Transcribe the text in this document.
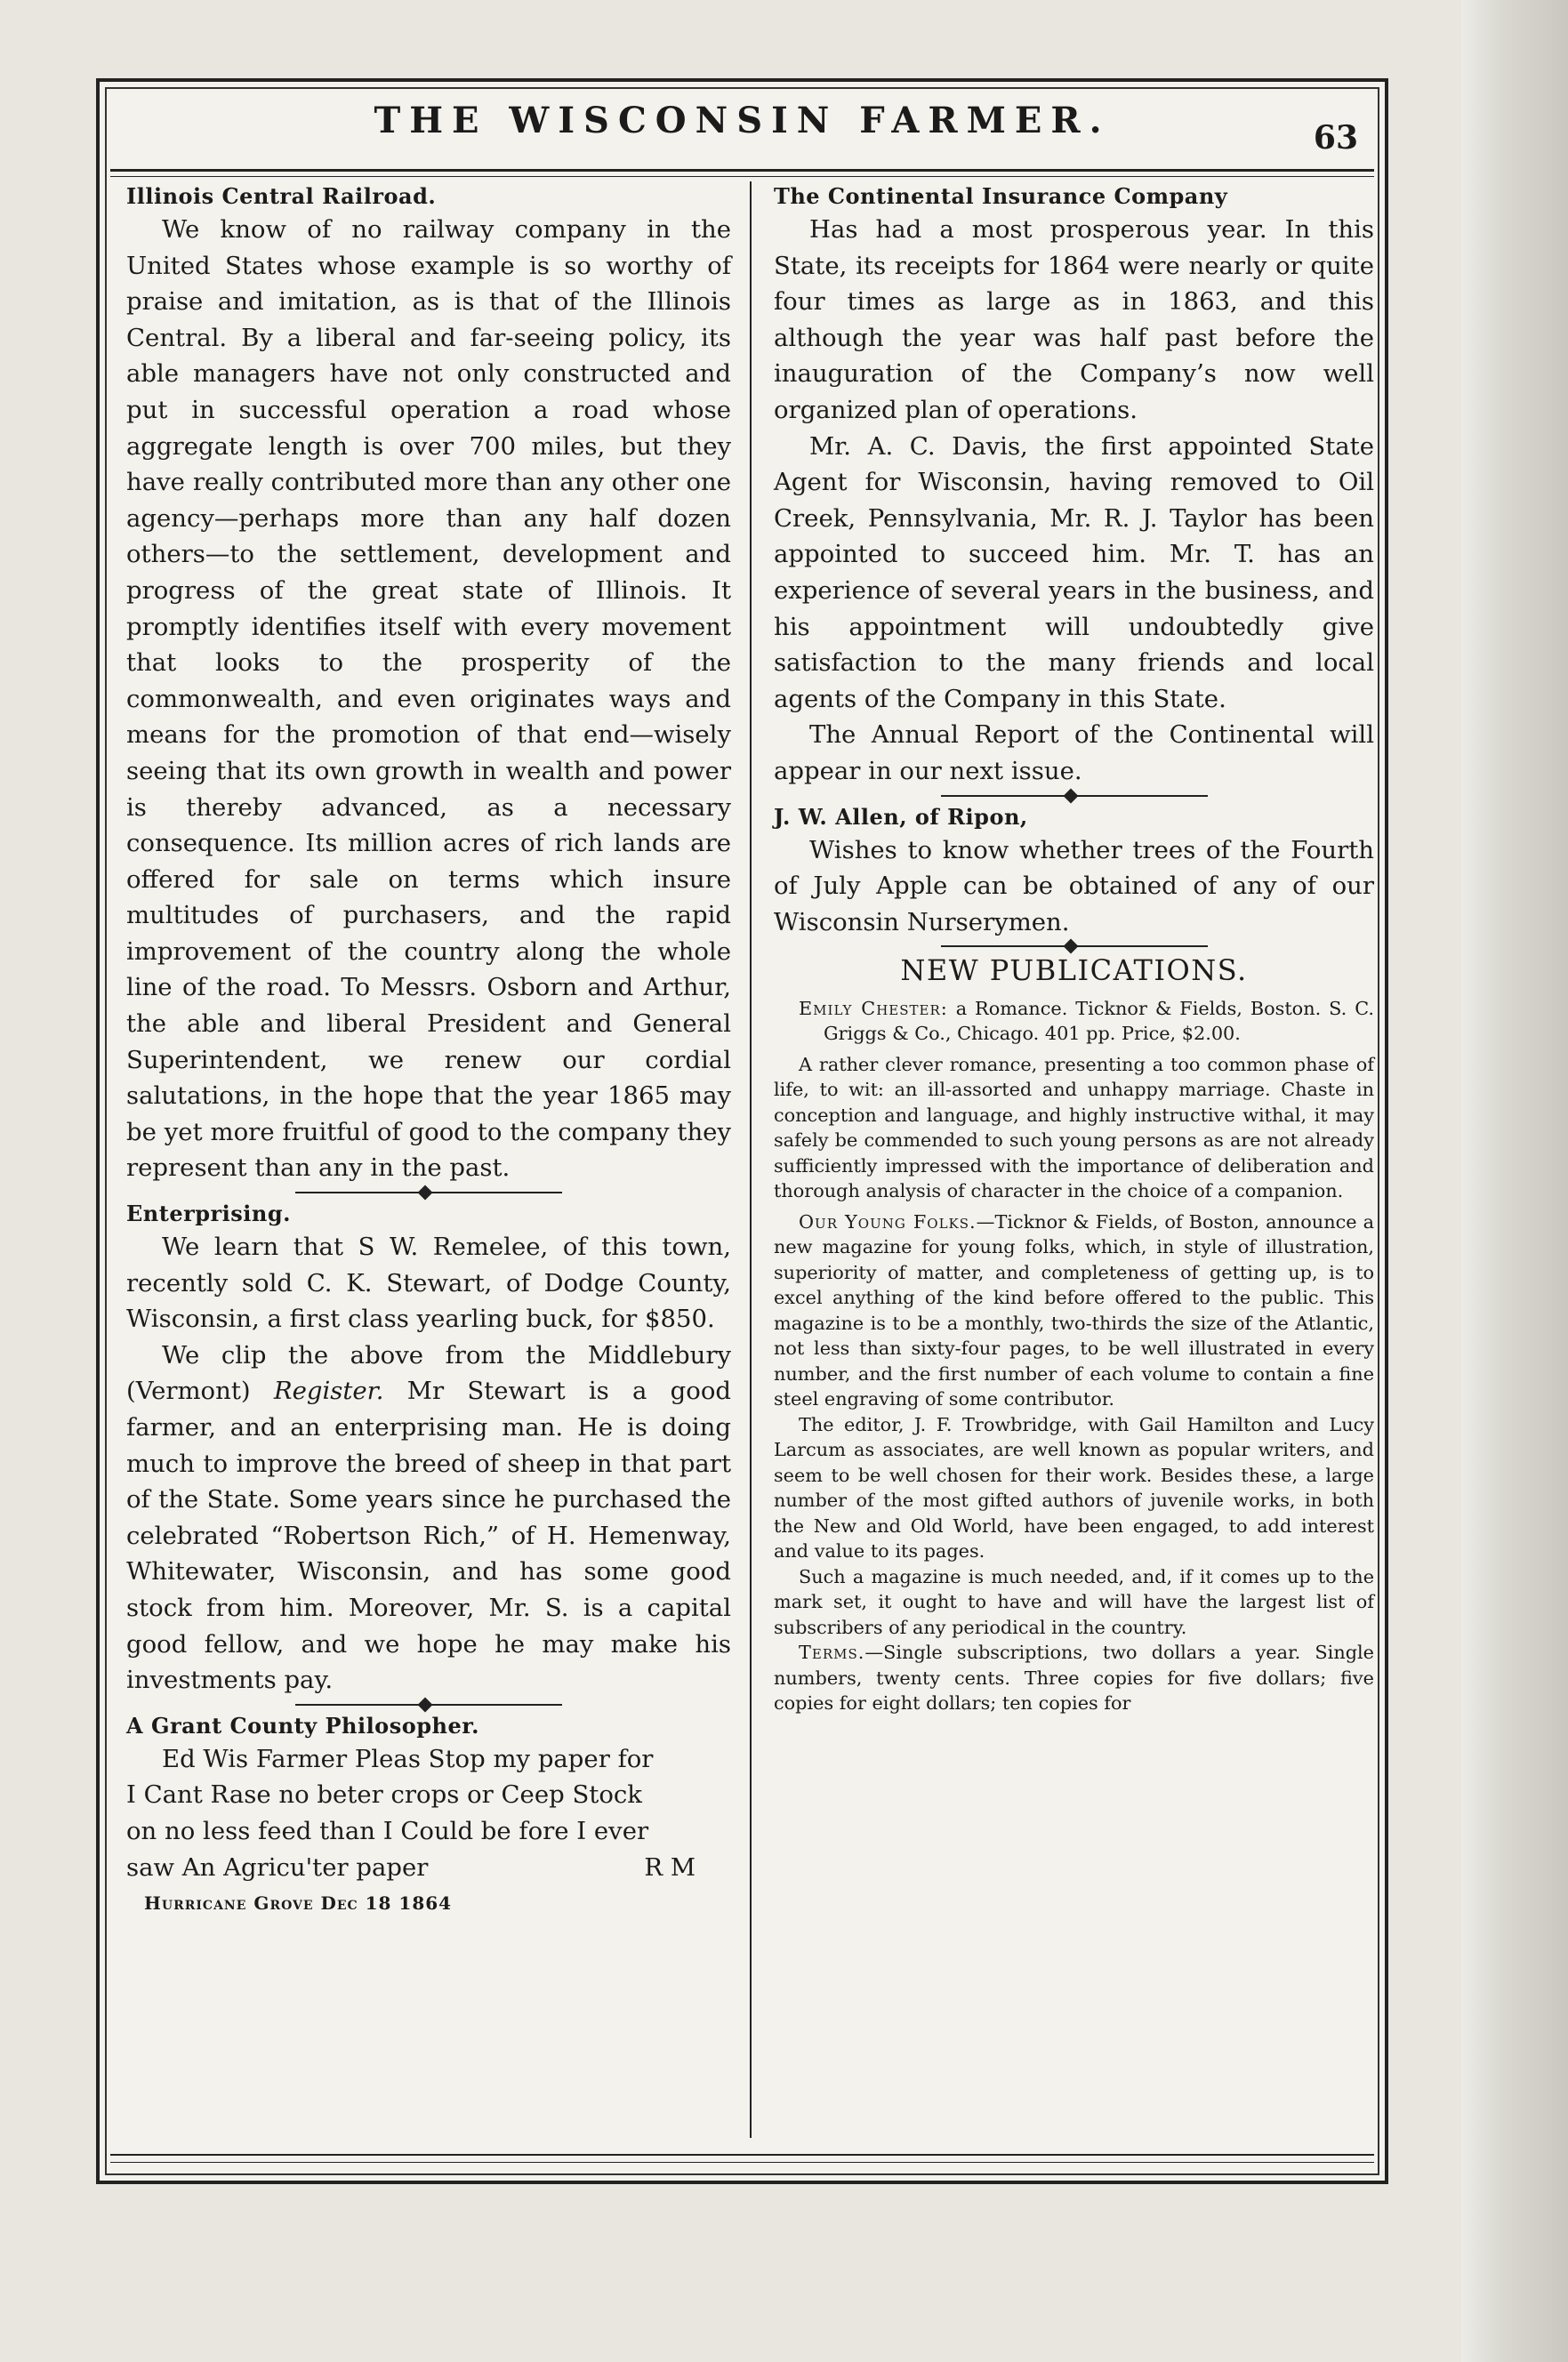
THE WISCONSIN FARMER.	63
Illinois Central Railroad.

We know of no railway company in the United States whose example is so worthy of praise and imitation, as is that of the Illinois Central. By a liberal and far-seeing policy, its able managers have not only constructed and put in successful operation a road whose aggregate length is over 700 miles, but they have really contributed more than any other one agency—perhaps more than any half dozen others—to the settlement, development and progress of the great state of Illinois. It promptly identifies itself with every movement that looks to the prosperity of the commonwealth, and even originates ways and means for the promotion of that end—wisely seeing that its own growth in wealth and power is thereby advanced, as a necessary consequence. Its million acres of rich lands are offered for sale on terms which insure multitudes of purchasers, and the rapid improvement of the country along the whole line of the road. To Messrs. Osborn and Arthur, the able and liberal President and General Superintendent, we renew our cordial salutations, in the hope that the year 1865 may be yet more fruitful of good to the company they represent than any in the past.

Enterprising.

We learn that S W. Remelee, of this town, recently sold C. K. Stewart, of Dodge County, Wisconsin, a first class yearling buck, for $850.

We clip the above from the Middlebury (Vermont) Register. Mr Stewart is a good farmer, and an enterprising man. He is doing much to improve the breed of sheep in that part of the State. Some years since he purchased the celebrated “Robertson Rich,” of H. Hemenway, Whitewater, Wisconsin, and has some good stock from him. Moreover, Mr. S. is a capital good fellow, and we hope he may make his investments pay.

A Grant County Philosopher.
Ed Wis Farmer Pleas Stop my paper for
I Cant Rase no beter crops or Ceep Stock
on no less feed than I Could be fore I ever
saw An Agricu'ter paper	R M
Hurricane Grove Dec 18 1864
The Continental Insurance Company

Has had a most prosperous year. In this State, its receipts for 1864 were nearly or quite four times as large as in 1863, and this although the year was half past before the inauguration of the Company’s now well organized plan of operations.

Mr. A. C. Davis, the first appointed State Agent for Wisconsin, having removed to Oil Creek, Pennsylvania, Mr. R. J. Taylor has been appointed to succeed him. Mr. T. has an experience of several years in the business, and his appointment will undoubtedly give satisfaction to the many friends and local agents of the Company in this State.

The Annual Report of the Continental will appear in our next issue.

J. W. Allen, of Ripon,

Wishes to know whether trees of the Fourth of July Apple can be obtained of any of our Wisconsin Nurserymen.

NEW PUBLICATIONS.

Emily Chester: a Romance. Ticknor & Fields, Boston. S. C. Griggs & Co., Chicago. 401 pp. Price, $2.00.

A rather clever romance, presenting a too common phase of life, to wit: an ill-assorted and unhappy marriage. Chaste in conception and language, and highly instructive withal, it may safely be commended to such young persons as are not already sufficiently impressed with the importance of deliberation and thorough analysis of character in the choice of a companion.

Our Young Folks.—Ticknor & Fields, of Boston, announce a new magazine for young folks, which, in style of illustration, superiority of matter, and completeness of getting up, is to excel anything of the kind before offered to the public. This magazine is to be a monthly, two-thirds the size of the Atlantic, not less than sixty-four pages, to be well illustrated in every number, and the first number of each volume to contain a fine steel engraving of some contributor.

The editor, J. F. Trowbridge, with Gail Hamilton and Lucy Larcum as associates, are well known as popular writers, and seem to be well chosen for their work. Besides these, a large number of the most gifted authors of juvenile works, in both the New and Old World, have been engaged, to add interest and value to its pages.

Such a magazine is much needed, and, if it comes up to the mark set, it ought to have and will have the largest list of subscribers of any periodical in the country.

Terms.—Single subscriptions, two dollars a year. Single numbers, twenty cents. Three copies for five dollars; five copies for eight dollars; ten copies for
